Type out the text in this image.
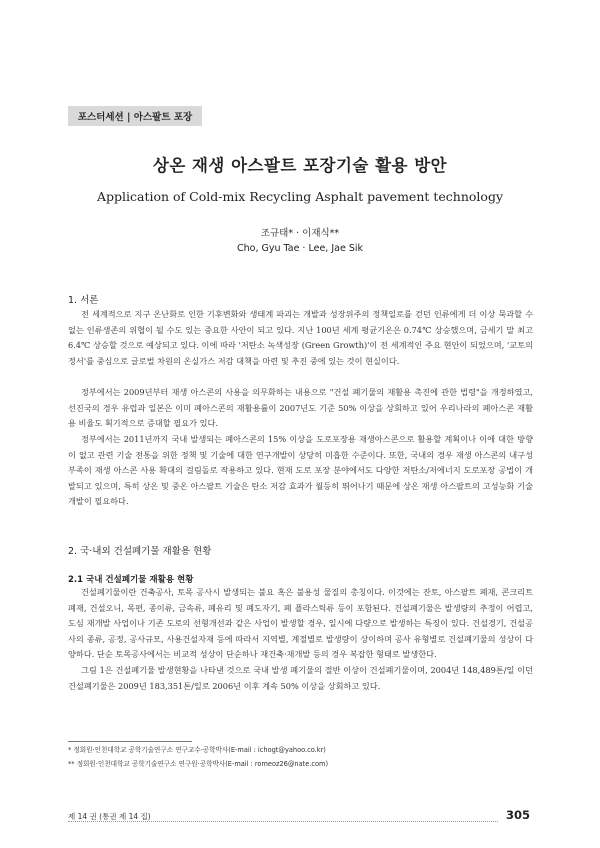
포스터세션 | 아스팔트 포장
상온 재생 아스팔트 포장기술 활용 방안
Application of Cold-mix Recycling Asphalt pavement technology
조규태* · 이재식**
Cho, Gyu Tae · Lee, Jae Sik
1. 서론

전 세계적으로 지구 온난화로 인한 기후변화와 생태계 파괴는 개발과 성장위주의 정책일로를 걷던 인류에게 더 이상 묵과할 수 없는 인류생존의 위협이 될 수도 있는 중요한 사안이 되고 있다. 지난 100년 세계 평균기온은 0.74℃ 상승했으며, 금세기 말 최고 6.4℃ 상승할 것으로 예상되고 있다. 이에 따라 '저탄소 녹색성장 (Green Growth)'이 전 세계적인 주요 현안이 되었으며, '교토의정서'를 중심으로 글로벌 차원의 온실가스 저감 대책을 마련 및 추진 중에 있는 것이 현실이다.

정부에서는 2009년부터 재생 아스콘의 사용을 의무화하는 내용으로 "건설 폐기물의 재활용 촉진에 관한 법령"을 개정하였고, 선진국의 경우 유럽과 일본은 이미 폐아스콘의 재활용률이 2007년도 기준 50% 이상을 상회하고 있어 우리나라의 폐아스콘 재활용 비율도 획기적으로 증대할 필요가 있다.

정부에서는 2011년까지 국내 발생되는 폐아스콘의 15% 이상을 도로포장용 재생아스콘으로 활용할 계획이나 이에 대한 방향이 없고 관련 기술 전통을 위한 정책 및 기술에 대한 연구개발이 상당히 미흡한 수준이다. 또한, 국내의 경우 재생 아스콘의 내구성 부족이 재생 아스콘 사용 확대의 걸림돌로 작용하고 있다. 현재 도로 포장 분야에서도 다양한 저탄소/저에너지 도로포장 공법이 개발되고 있으며, 특히 상온 및 중온 아스팔트 기술은 탄소 저감 효과가 월등히 뛰어나기 때문에 상온 재생 아스팔트의 고성능화 기술 개발이 필요하다.

2. 국·내외 건설폐기물 재활용 현황
2.1 국내 건설폐기물 재활용 현황

건설폐기물이란 건축공사, 토목 공사시 발생되는 불요 혹은 불용성 물질의 총칭이다. 이것에는 잔토, 아스팔트 폐재, 콘크리트 폐재, 건설오니, 목편, 종이류, 금속류, 폐유리 및 폐도자기, 폐 플라스틱류 등이 포함된다. 건설폐기물은 발생량의 추정이 어렵고, 도심 재개발 사업이나 기존 도로의 선형개선과 같은 사업이 발생할 경우, 일시에 다량으로 발생하는 특징이 있다. 건설경기, 건설공사의 종류, 공정, 공사규모, 사용건설자재 등에 따라서 지역별, 계절별로 발생량이 상이하며 공사 유형별로 건설폐기물의 성상이 다양하다. 단순 토목공사에서는 비교적 성상이 단순하나 재건축·재개발 등의 경우 복잡한 형태로 발생한다.

그림 1은 건설폐기물 발생현황을 나타낸 것으로 국내 발생 폐기물의 절반 이상이 건설폐기물이며, 2004년 148,489톤/일 이던 건설폐기물은 2009년 183,351톤/일로 2006년 이후 계속 50% 이상을 상회하고 있다.

* 정회원·인천대학교 공학기술연구소 연구교수·공학박사(E-mail : ichogt@yahoo.co.kr)
** 정회원·인천대학교 공학기술연구소 연구원·공학박사(E-mail : romeoz26@nate.com)
제 14 권 (통권 제 14 집)	305
